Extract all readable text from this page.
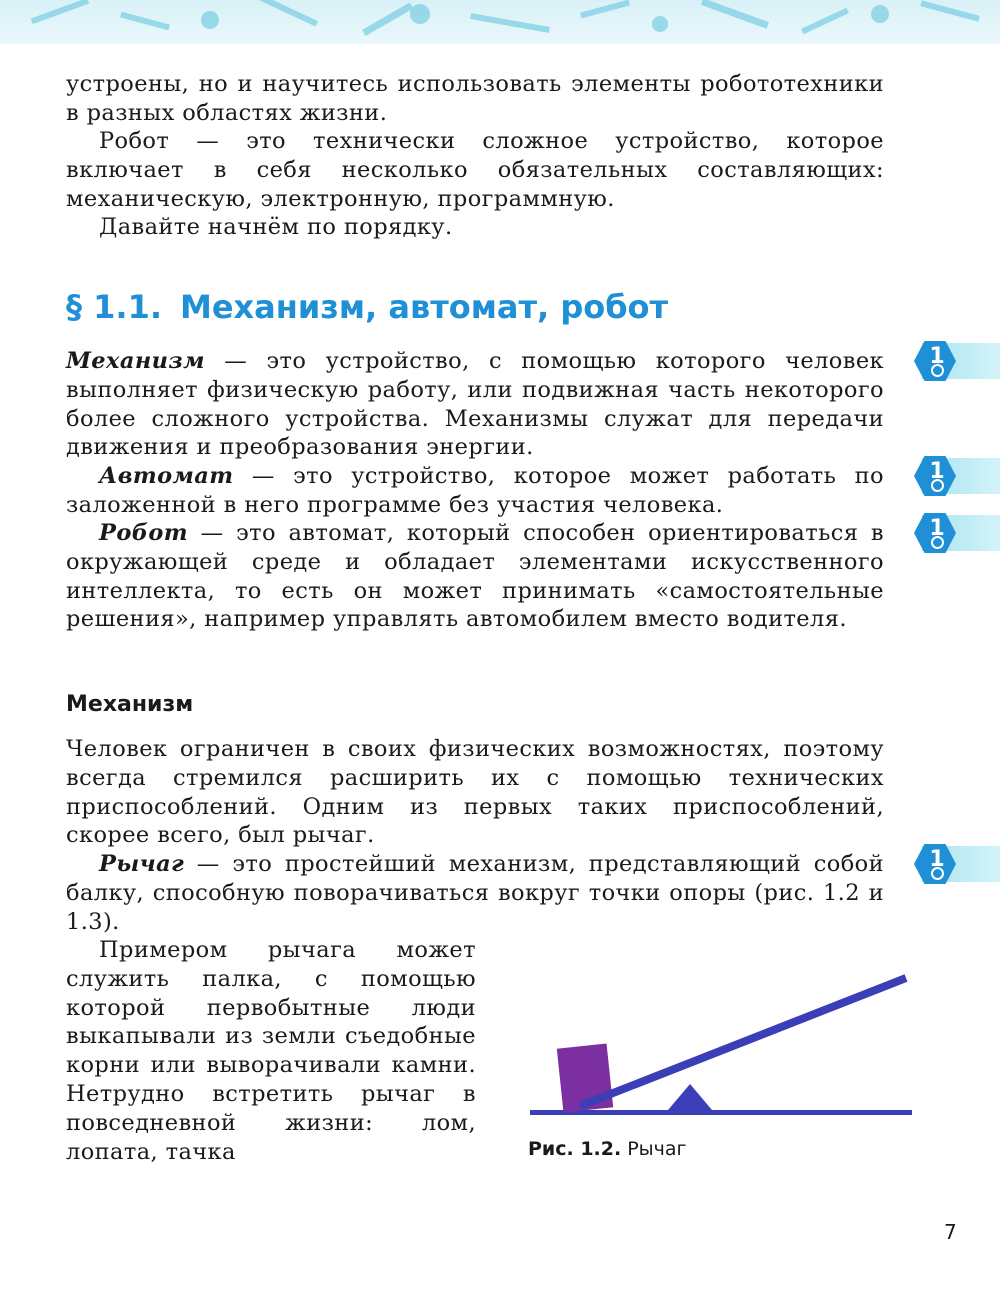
устроены, но и научитесь использовать элементы робототехники в разных областях жизни.

Робот — это технически сложное устройство, которое включает в себя несколько обязательных составляющих: механическую, электронную, программную.

Давайте начнём по порядку.

§ 1.1. Механизм, автомат, робот

Механизм — это устройство, с помощью которого человек выполняет физическую работу, или подвижная часть некоторого более сложного устройства. Механизмы служат для передачи движения и преобразования энергии.

Автомат — это устройство, которое может работать по заложенной в него программе без участия человека.

Робот — это автомат, который способен ориентироваться в окружающей среде и обладает элементами искусственного интеллекта, то есть он может принимать «самостоятельные решения», например управлять автомобилем вместо водителя.

Механизм

Человек ограничен в своих физических возможностях, поэтому всегда стремился расширить их с помощью технических приспособлений. Одним из первых таких приспособлений, скорее всего, был рычаг.

Рычаг — это простейший механизм, представляющий собой балку, способную поворачиваться вокруг точки опоры (рис. 1.2 и 1.3).

Примером рычага может служить палка, с помощью которой первобытные люди выкапывали из земли съедобные корни или выворачивали камни. Нетрудно встретить рычаг в повседневной жизни: лом, лопата, тачка

1
1
1
1

Рис. 1.2. Рычаг

7
